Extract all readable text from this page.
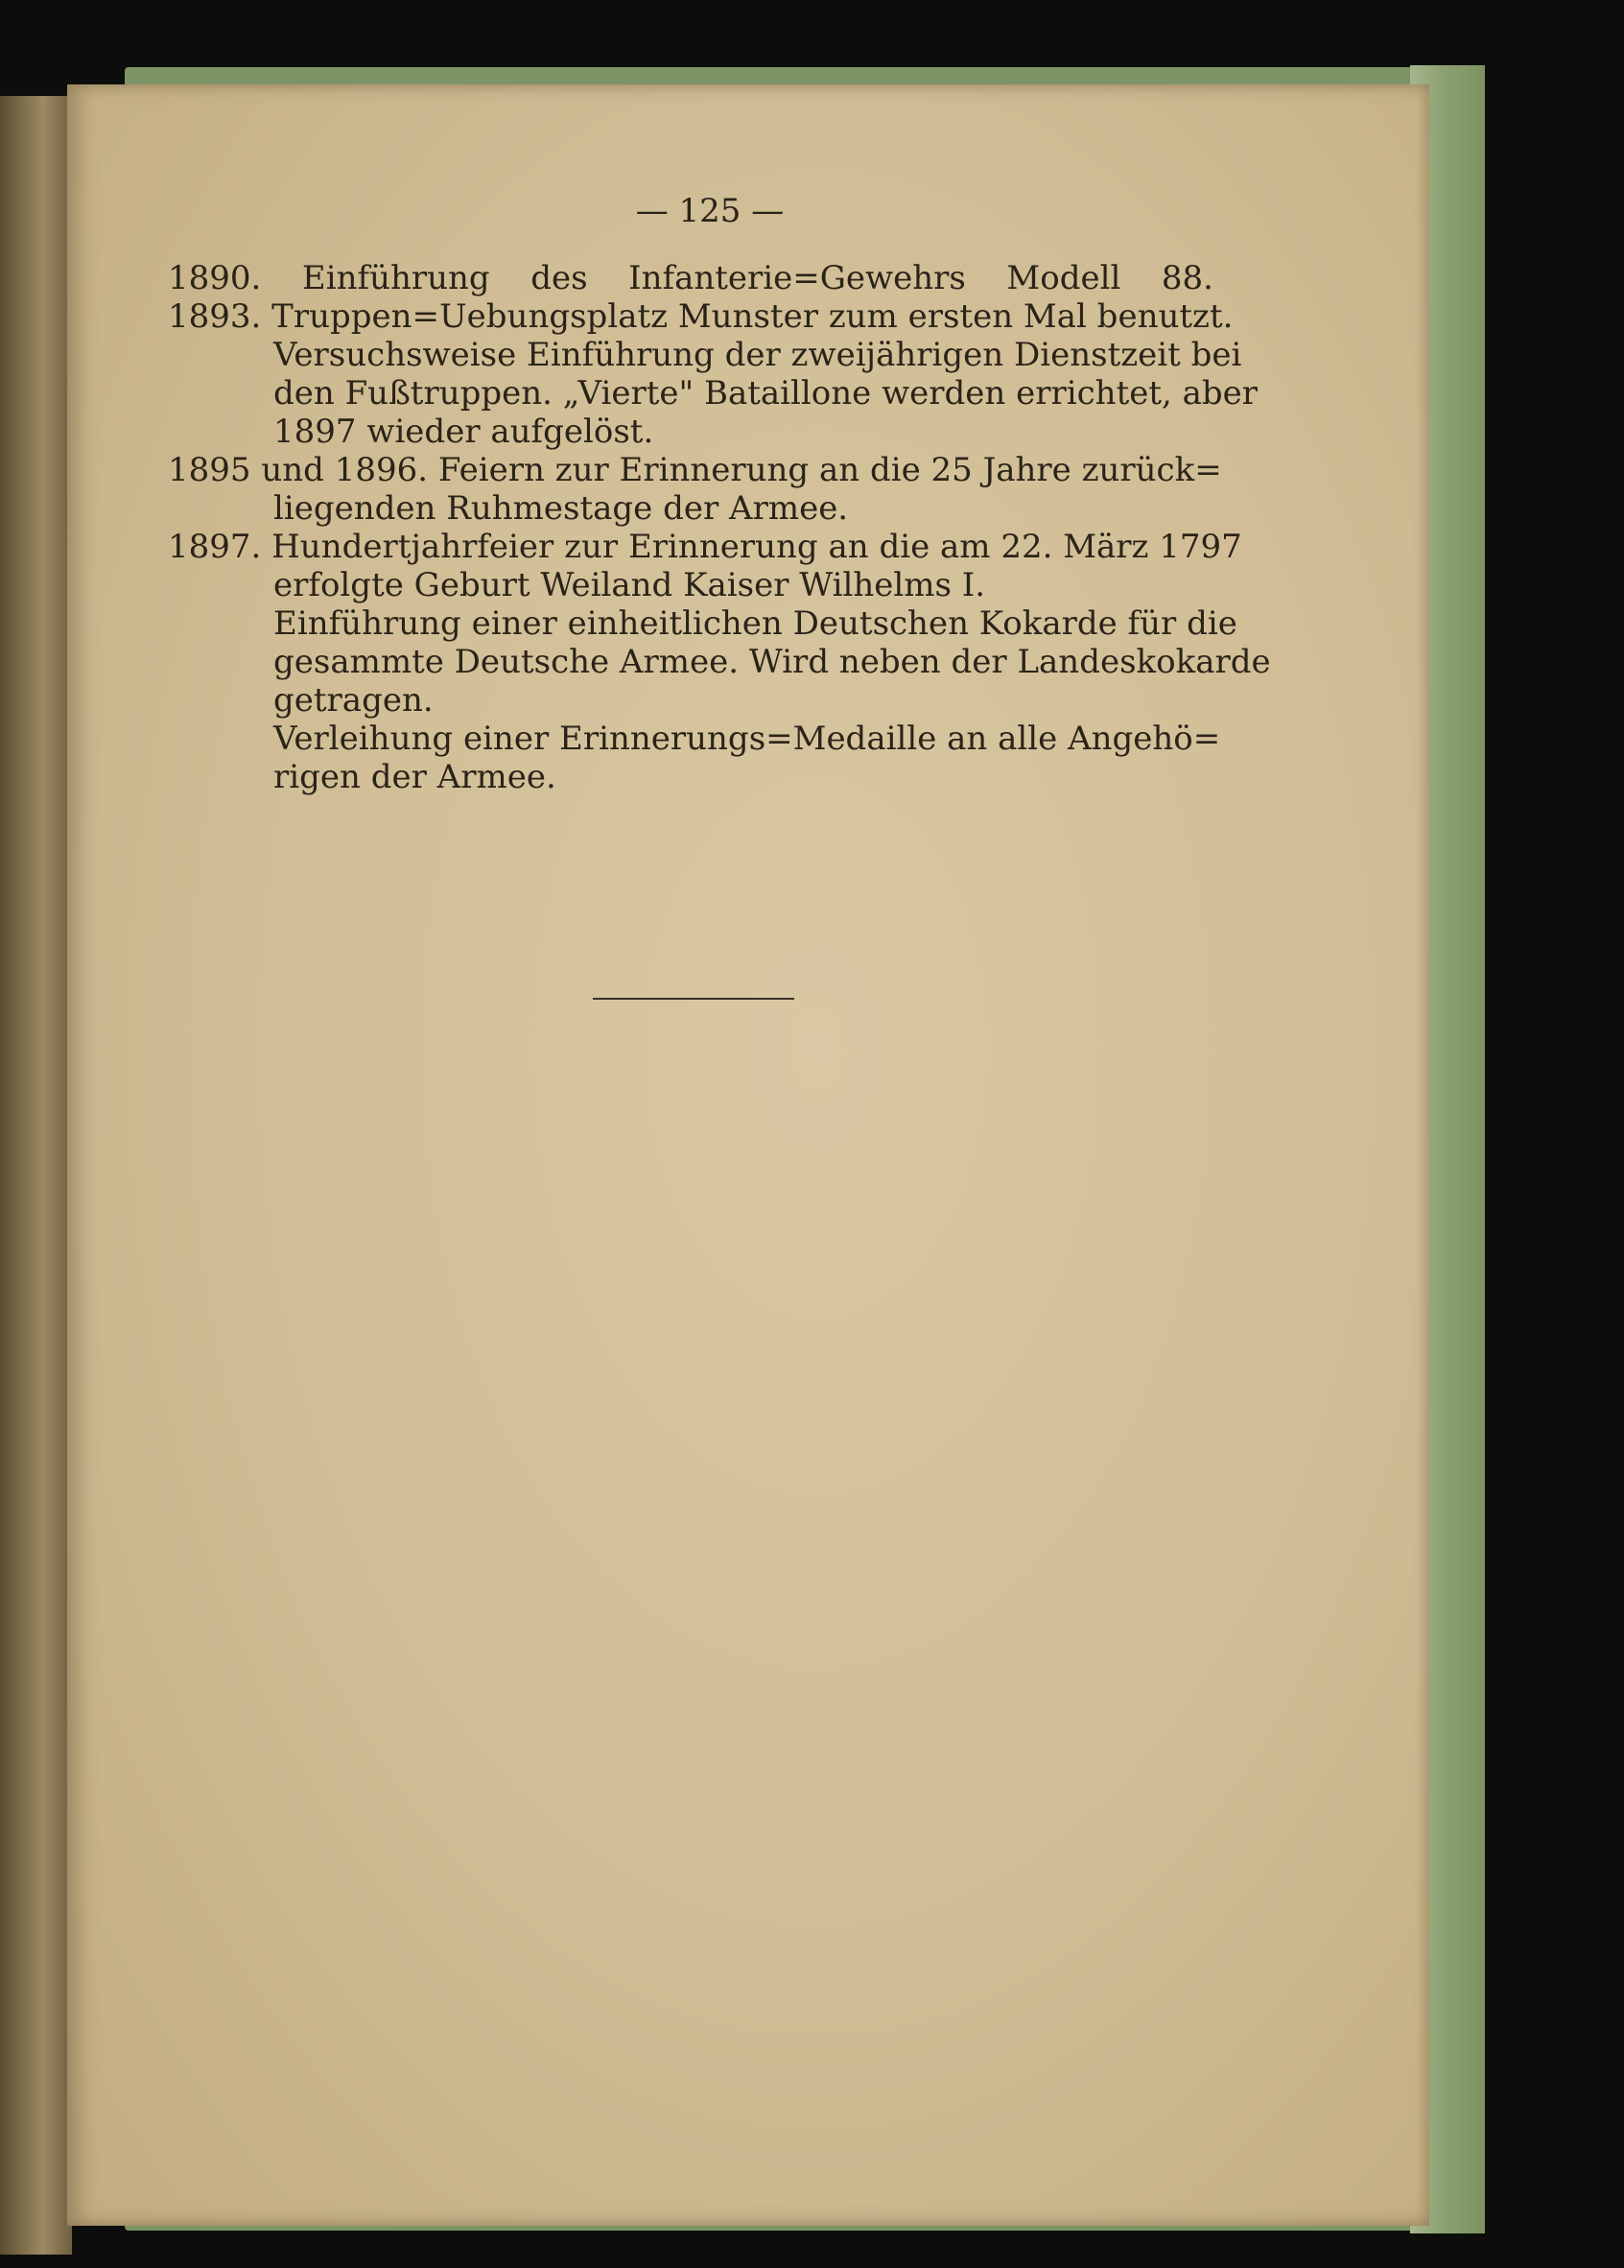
— 125 —
1890. Einführung des Infanterie=Gewehrs Modell 88.
1893. Truppen=Uebungsplatz Munster zum ersten Mal benutzt.
Versuchsweise Einführung der zweijährigen Dienstzeit bei
den Fußtruppen. „Vierte" Bataillone werden errichtet, aber
1897 wieder aufgelöst.
1895 und 1896. Feiern zur Erinnerung an die 25 Jahre zurück=
liegenden Ruhmestage der Armee.
1897. Hundertjahrfeier zur Erinnerung an die am 22. März 1797
erfolgte Geburt Weiland Kaiser Wilhelms I.
Einführung einer einheitlichen Deutschen Kokarde für die
gesammte Deutsche Armee. Wird neben der Landeskokarde
getragen.
Verleihung einer Erinnerungs=Medaille an alle Angehö=
rigen der Armee.
